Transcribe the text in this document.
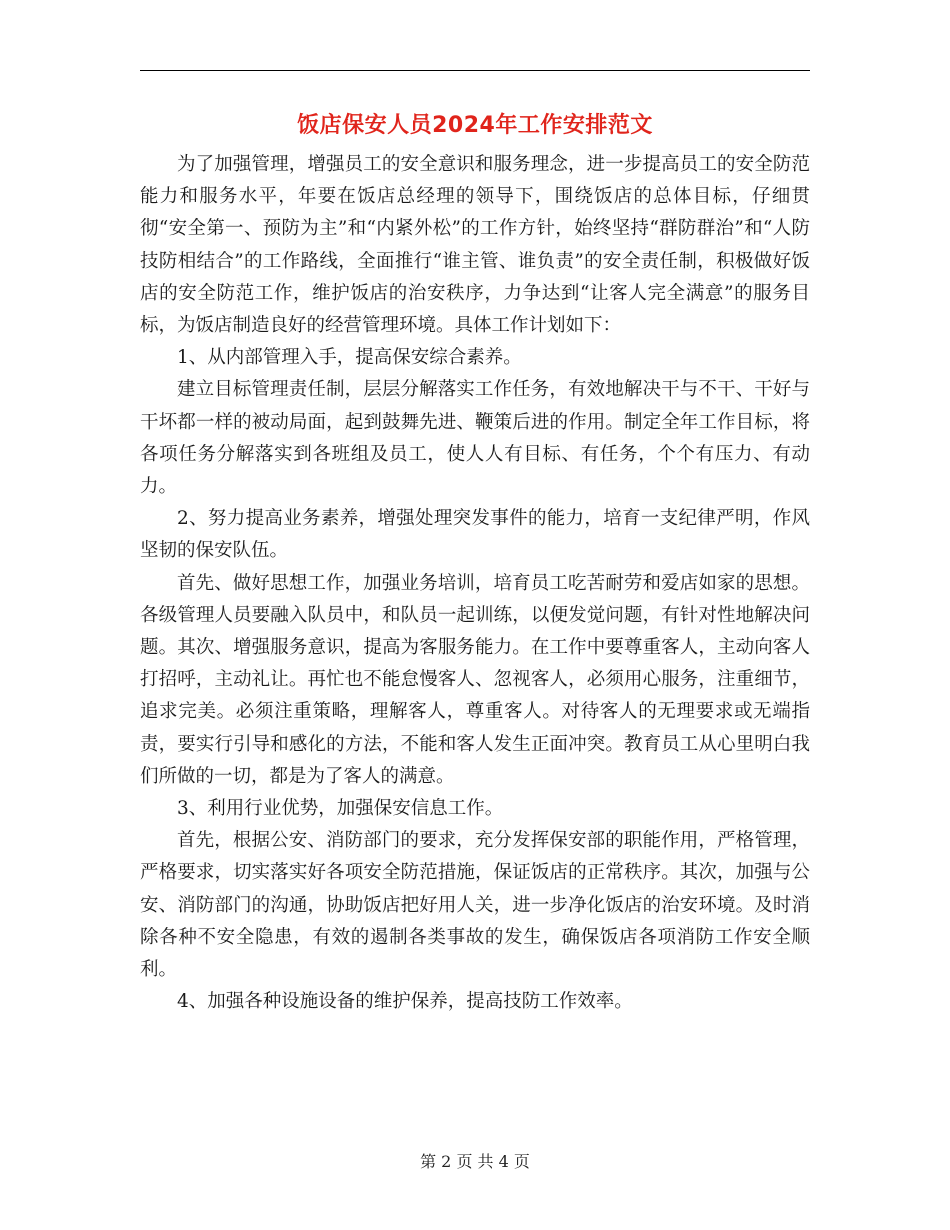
饭店保安人员2024年工作安排范文

为了加强管理，增强员工的安全意识和服务理念，进一步提高员工的安全防范能力和服务水平，年要在饭店总经理的领导下，围绕饭店的总体目标，仔细贯彻“安全第一、预防为主”和“内紧外松”的工作方针，始终坚持“群防群治”和“人防技防相结合”的工作路线，全面推行“谁主管、谁负责”的安全责任制，积极做好饭店的安全防范工作，维护饭店的治安秩序，力争达到“让客人完全满意”的服务目标，为饭店制造良好的经营管理环境。具体工作计划如下：

1、从内部管理入手，提高保安综合素养。

建立目标管理责任制，层层分解落实工作任务，有效地解决干与不干、干好与干坏都一样的被动局面，起到鼓舞先进、鞭策后进的作用。制定全年工作目标，将各项任务分解落实到各班组及员工，使人人有目标、有任务，个个有压力、有动力。

2、努力提高业务素养，增强处理突发事件的能力，培育一支纪律严明，作风坚韧的保安队伍。

首先、做好思想工作，加强业务培训，培育员工吃苦耐劳和爱店如家的思想。各级管理人员要融入队员中，和队员一起训练，以便发觉问题，有针对性地解决问题。其次、增强服务意识，提高为客服务能力。在工作中要尊重客人，主动向客人打招呼，主动礼让。再忙也不能怠慢客人、忽视客人，必须用心服务，注重细节，追求完美。必须注重策略，理解客人，尊重客人。对待客人的无理要求或无端指责，要实行引导和感化的方法，不能和客人发生正面冲突。教育员工从心里明白我们所做的一切，都是为了客人的满意。

3、利用行业优势，加强保安信息工作。

首先，根据公安、消防部门的要求，充分发挥保安部的职能作用，严格管理，严格要求，切实落实好各项安全防范措施，保证饭店的正常秩序。其次，加强与公安、消防部门的沟通，协助饭店把好用人关，进一步净化饭店的治安环境。及时消除各种不安全隐患，有效的遏制各类事故的发生，确保饭店各项消防工作安全顺利。

4、加强各种设施设备的维护保养，提高技防工作效率。

第 2 页 共 4 页
